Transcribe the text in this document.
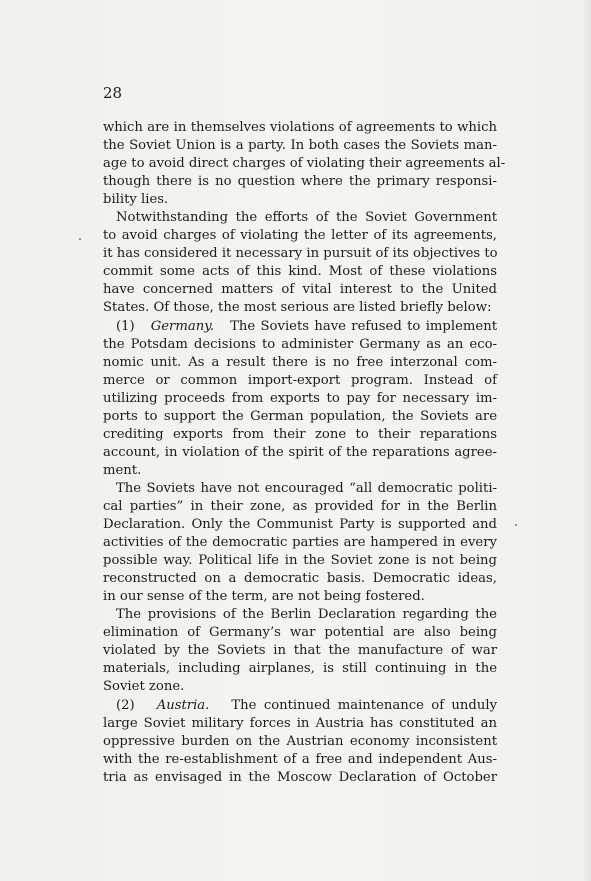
28
which are in themselves violations of agreements to which
the Soviet Union is a party. In both cases the Soviets man-
age to avoid direct charges of violating their agreements al-
though there is no question where the primary responsi-
bility lies.
Notwithstanding the efforts of the Soviet Government
to avoid charges of violating the letter of its agreements,
it has considered it necessary in pursuit of its objectives to
commit some acts of this kind. Most of these violations
have concerned matters of vital interest to the United
States. Of those, the most serious are listed briefly below:
(1) Germany. The Soviets have refused to implement
the Potsdam decisions to administer Germany as an eco-
nomic unit. As a result there is no free interzonal com-
merce or common import-export program. Instead of
utilizing proceeds from exports to pay for necessary im-
ports to support the German population, the Soviets are
crediting exports from their zone to their reparations
account, in violation of the spirit of the reparations agree-
ment.
The Soviets have not encouraged “all democratic politi-
cal parties” in their zone, as provided for in the Berlin
Declaration. Only the Communist Party is supported and
activities of the democratic parties are hampered in every
possible way. Political life in the Soviet zone is not being
reconstructed on a democratic basis. Democratic ideas,
in our sense of the term, are not being fostered.
The provisions of the Berlin Declaration regarding the
elimination of Germany’s war potential are also being
violated by the Soviets in that the manufacture of war
materials, including airplanes, is still continuing in the
Soviet zone.
(2) Austria. The continued maintenance of unduly
large Soviet military forces in Austria has constituted an
oppressive burden on the Austrian economy inconsistent
with the re-establishment of a free and independent Aus-
tria as envisaged in the Moscow Declaration of October
